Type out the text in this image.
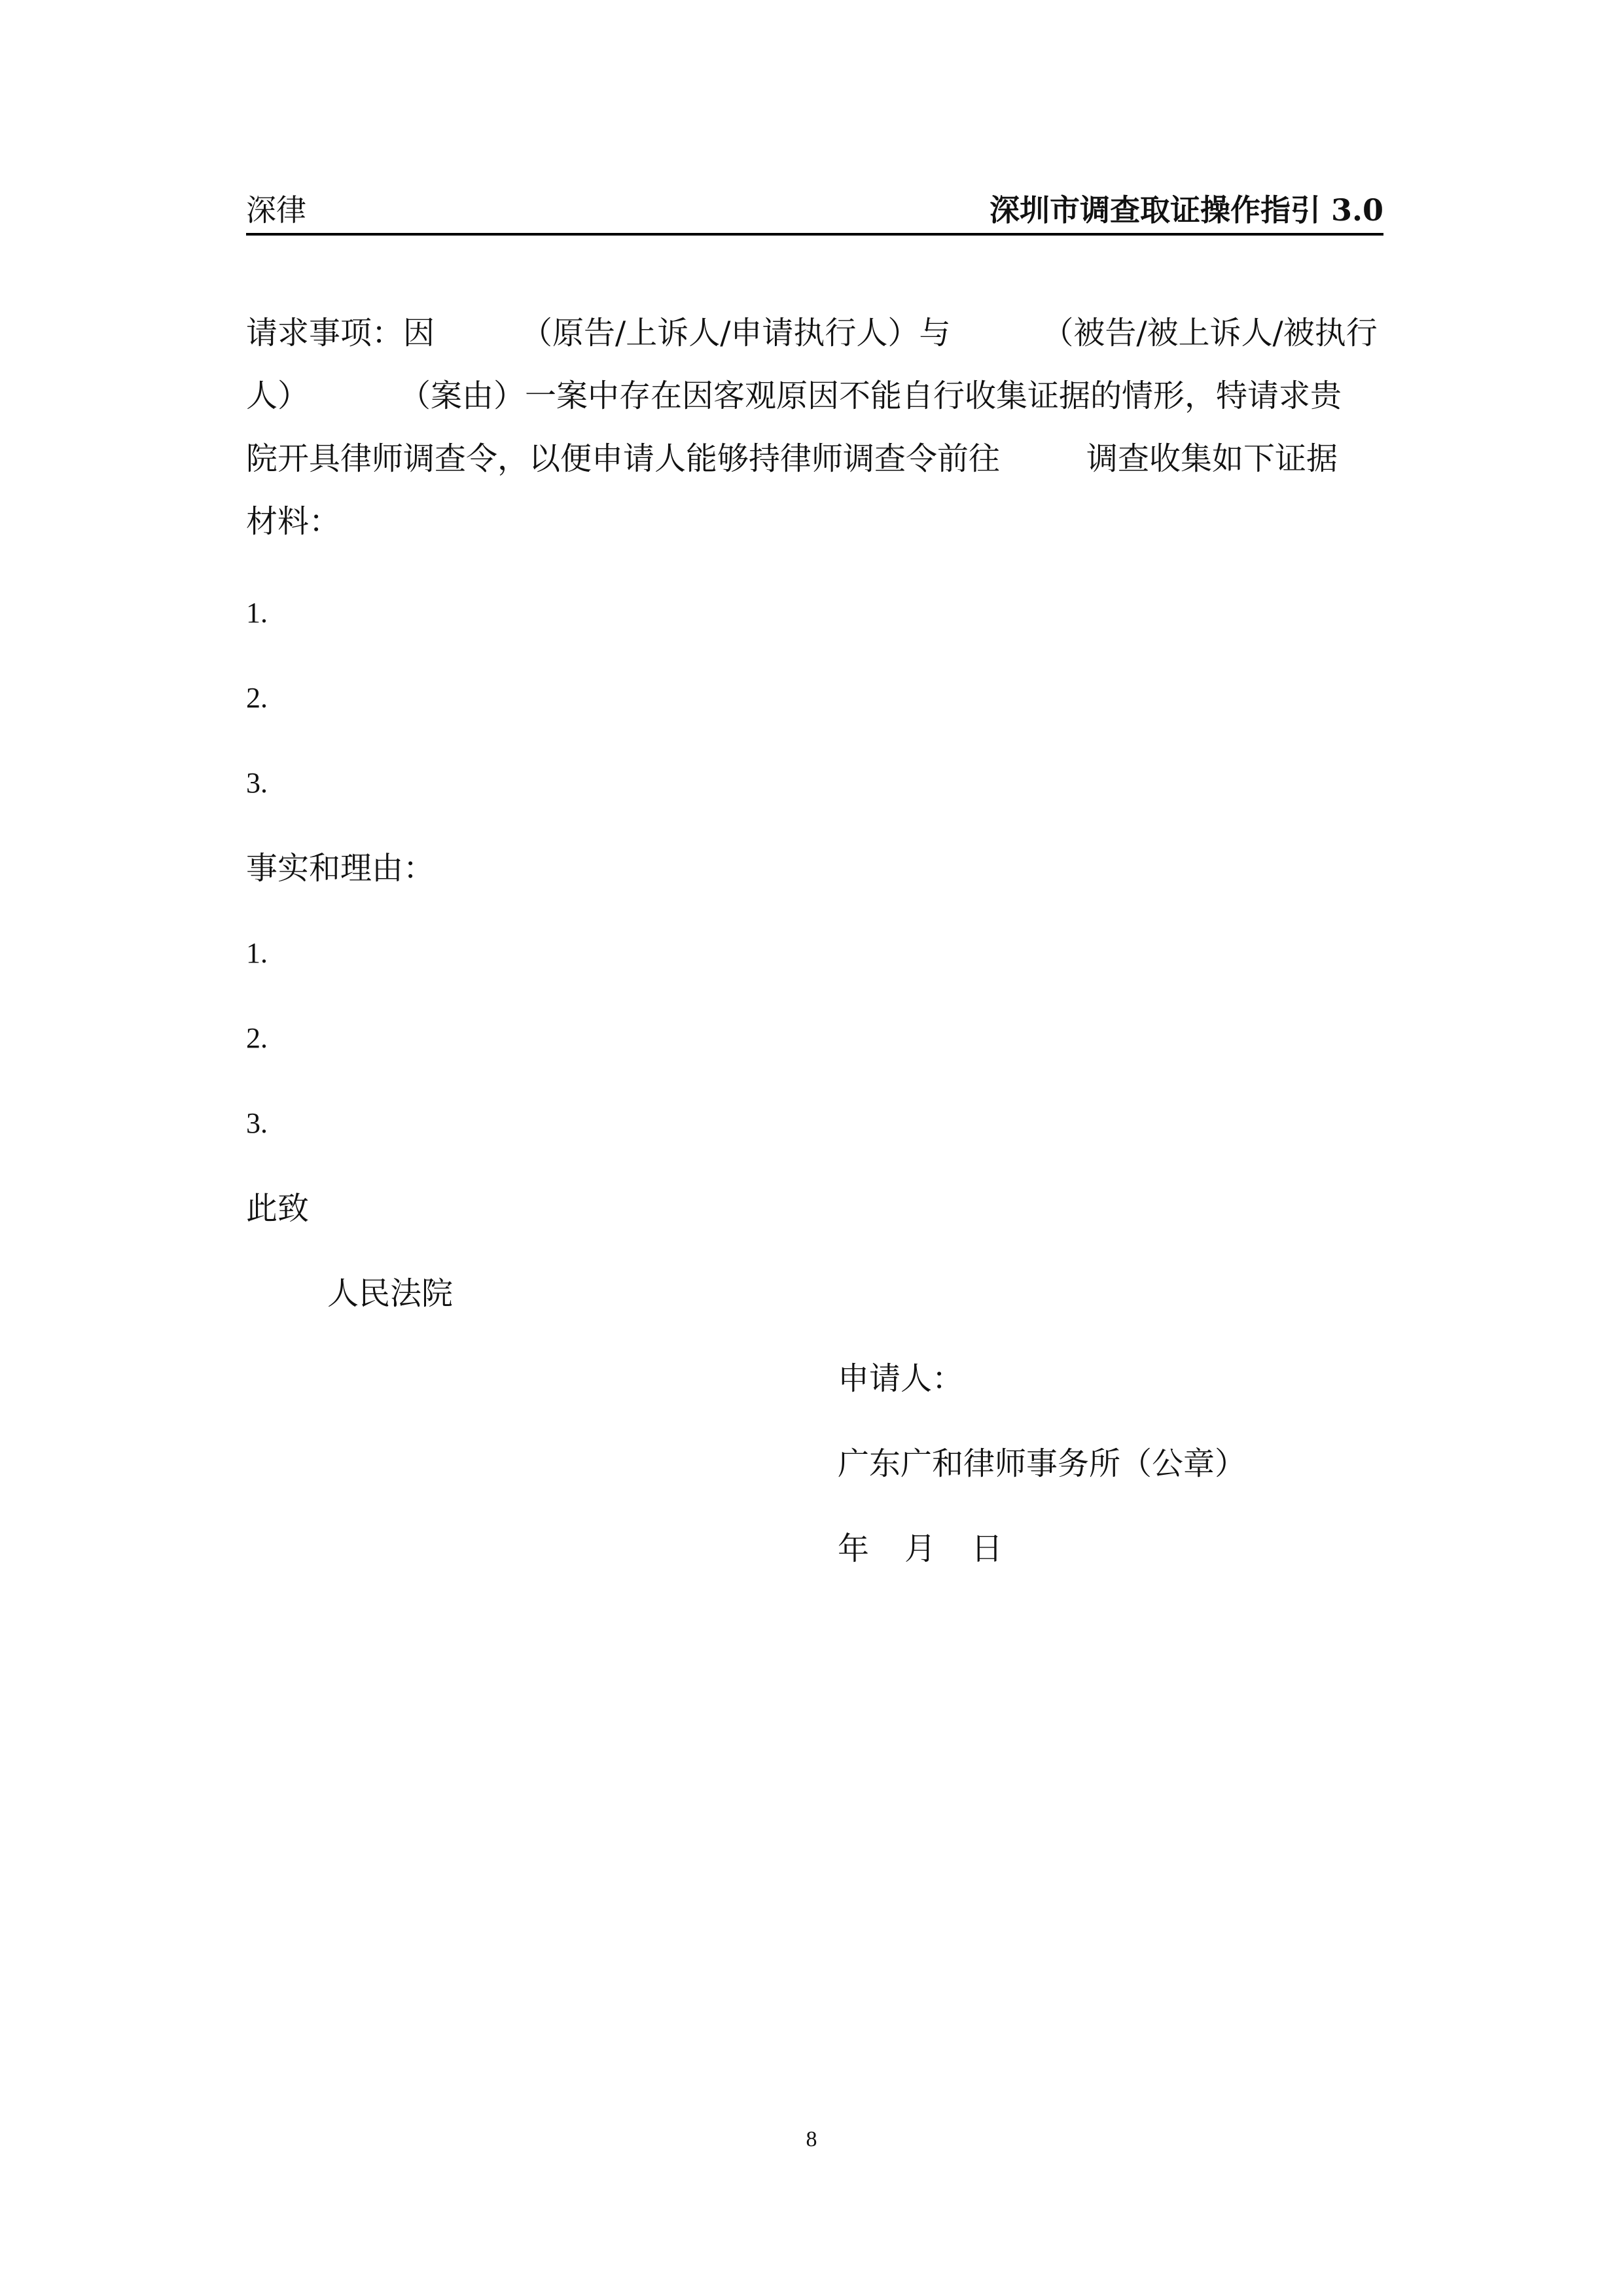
深律	深圳市调查取证操作指引 3.0
请求事项：因	（原告/上诉人/申请执行人）与	（被告/被上诉人/被执行
人）	（案由）一案中存在因客观原因不能自行收集证据的情形，特请求贵
院开具律师调查令，以便申请人能够持律师调查令前往	调查收集如下证据
材料：
1.
2.
3.
事实和理由：
1.
2.
3.
此致
人民法院
申请人：
广东广和律师事务所（公章）
年 月 日
8
